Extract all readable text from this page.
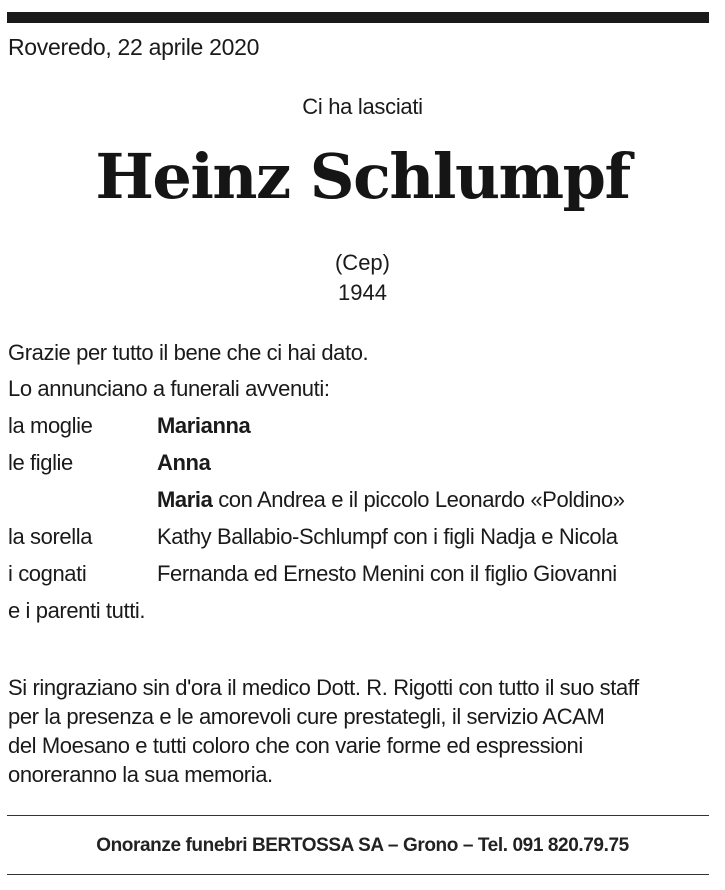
Roveredo, 22 aprile 2020
Ci ha lasciati
Heinz Schlumpf
(Cep)
1944
Grazie per tutto il bene che ci hai dato.
Lo annunciano a funerali avvenuti:
la moglie	Marianna
le figlie	Anna
Maria con Andrea e il piccolo Leonardo «Poldino»
la sorella	Kathy Ballabio-Schlumpf con i figli Nadja e Nicola
i cognati	Fernanda ed Ernesto Menini con il figlio Giovanni
e i parenti tutti.
Si ringraziano sin d'ora il medico Dott. R. Rigotti con tutto il suo staff
per la presenza e le amorevoli cure prestategli, il servizio ACAM
del Moesano e tutti coloro che con varie forme ed espressioni
onoreranno la sua memoria.
Onoranze funebri BERTOSSA SA – Grono – Tel. 091 820.79.75
